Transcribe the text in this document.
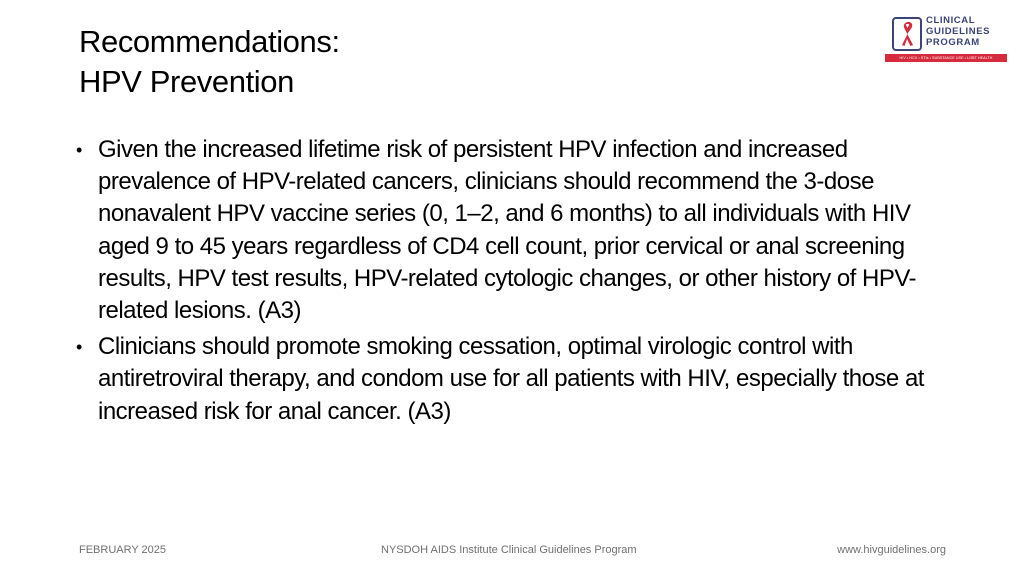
Recommendations:
HPV Prevention
CLINICAL
GUIDELINES
PROGRAM
HIV • HCV • STIs • SUBSTANCE USE • LGBT HEALTH
• Given the increased lifetime risk of persistent HPV infection and increased prevalence of HPV-related cancers, clinicians should recommend the 3-dose nonavalent HPV vaccine series (0, 1–2, and 6 months) to all individuals with HIV aged 9 to 45 years regardless of CD4 cell count, prior cervical or anal screening results, HPV test results, HPV-related cytologic changes, or other history of HPV-related lesions. (A3)
• Clinicians should promote smoking cessation, optimal virologic control with antiretroviral therapy, and condom use for all patients with HIV, especially those at increased risk for anal cancer. (A3)
FEBRUARY 2025	NYSDOH AIDS Institute Clinical Guidelines Program	www.hivguidelines.org
